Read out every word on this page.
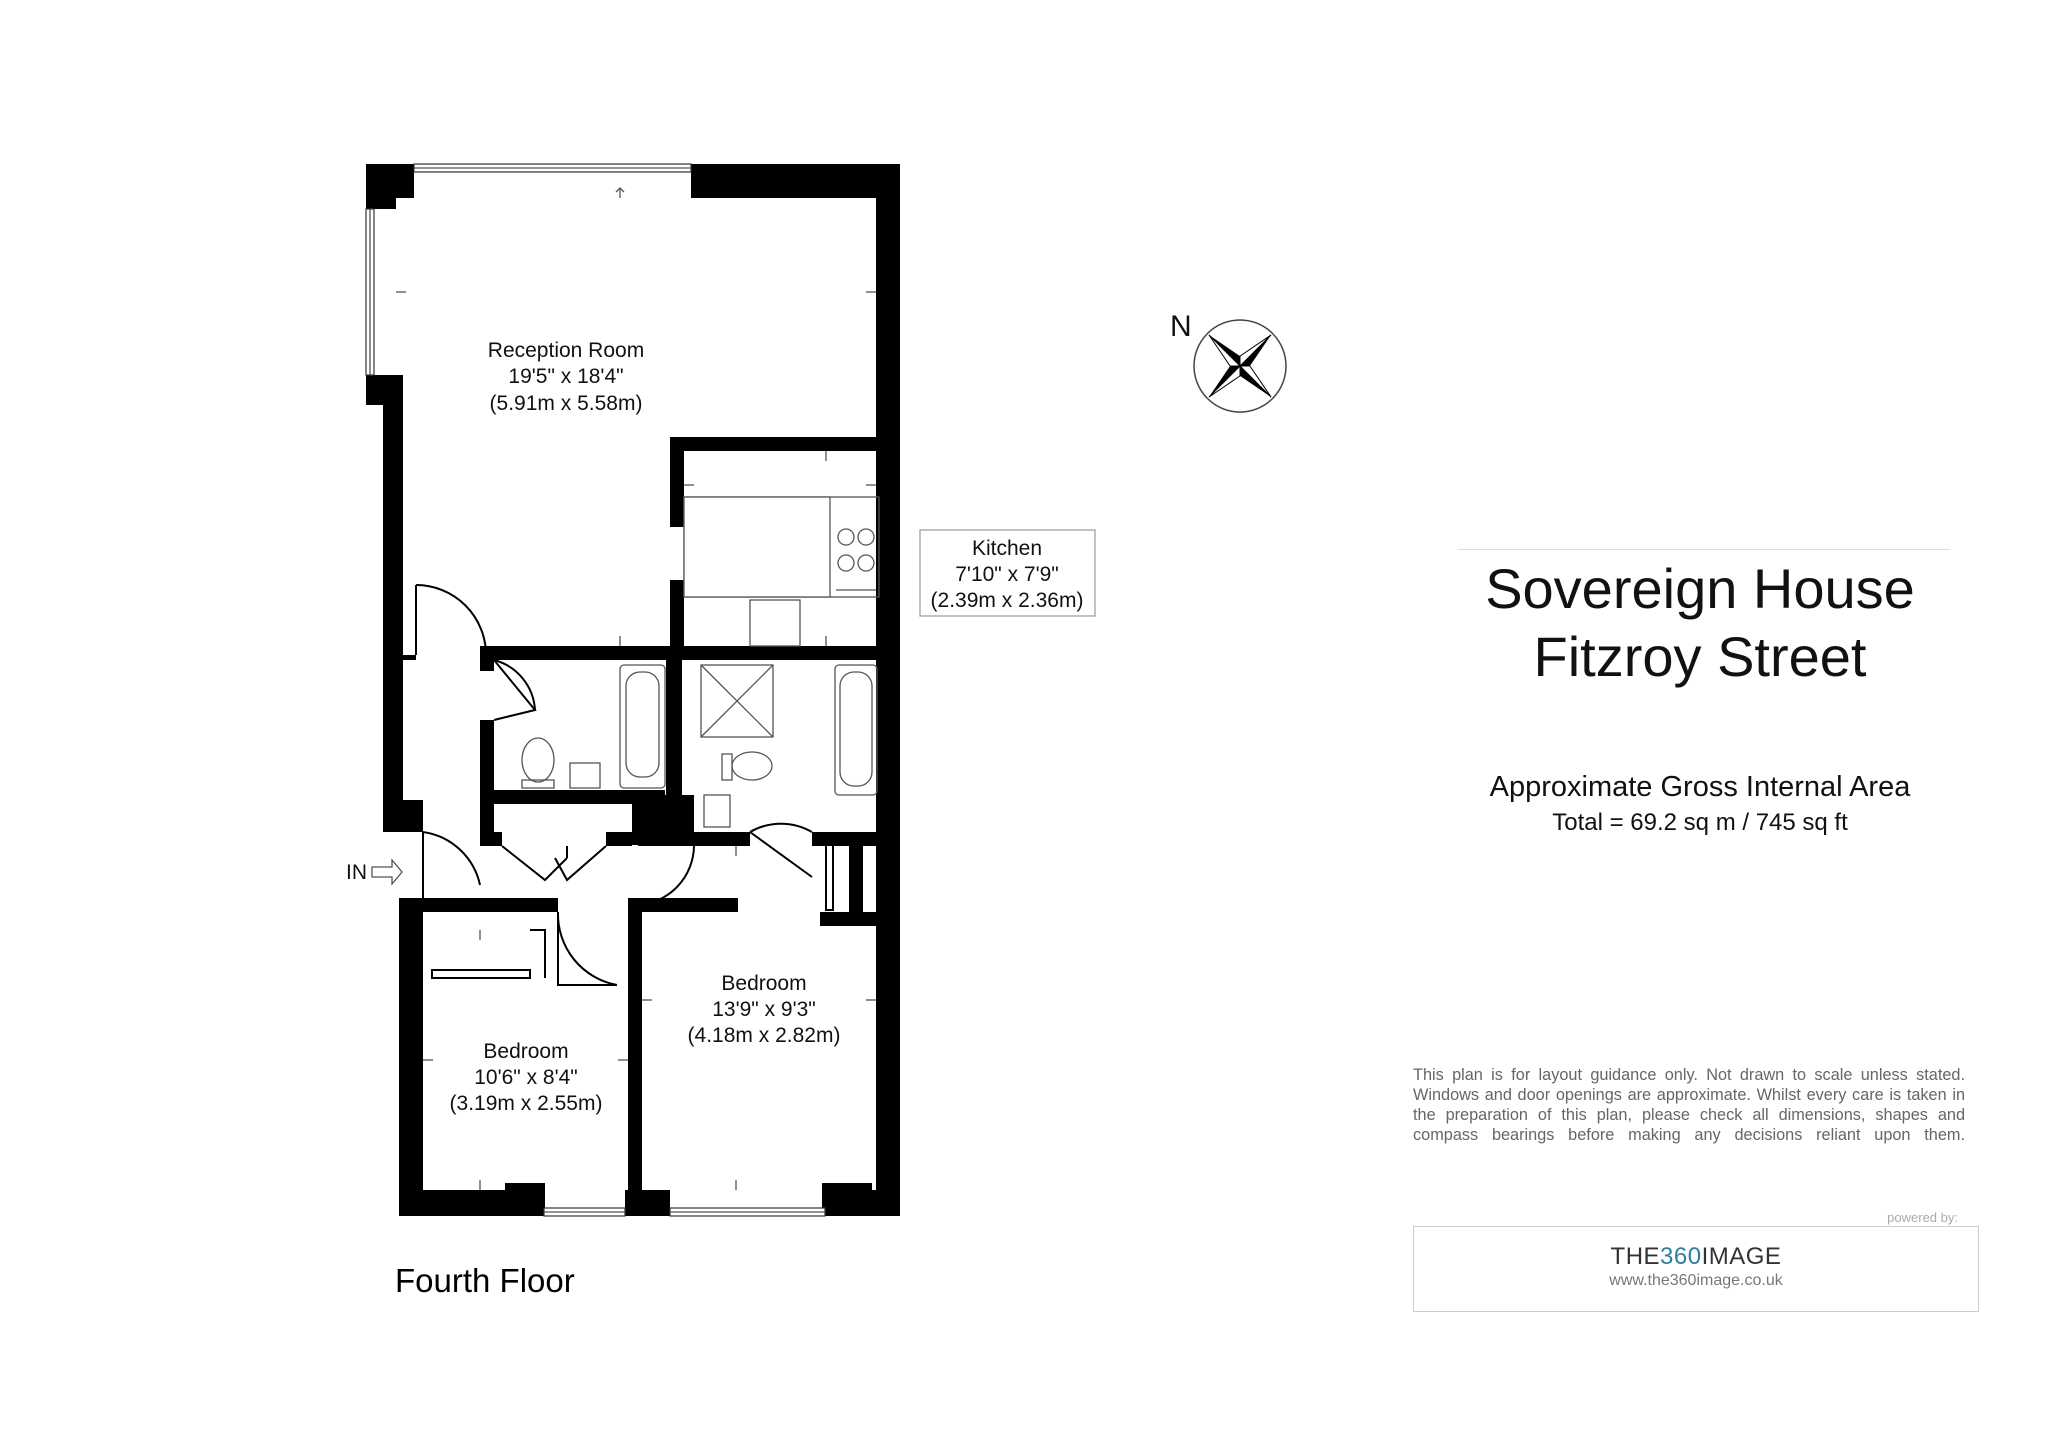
Reception Room
19'5" x 18'4"
(5.91m x 5.58m)
Kitchen
7'10" x 7'9"
(2.39m x 2.36m)
Bedroom
13'9" x 9'3"
(4.18m x 2.82m)
Bedroom
10'6" x 8'4"
(3.19m x 2.55m)
IN
N
Sovereign House
Fitzroy Street
Approximate Gross Internal Area
Total = 69.2 sq m / 745 sq ft
Fourth Floor
This plan is for layout guidance only. Not drawn to scale unless stated. Windows and door openings are approximate. Whilst every care is taken in the preparation of this plan, please check all dimensions, shapes and compass bearings before making any decisions reliant upon them.
powered by:
THE360IMAGE
www.the360image.co.uk
